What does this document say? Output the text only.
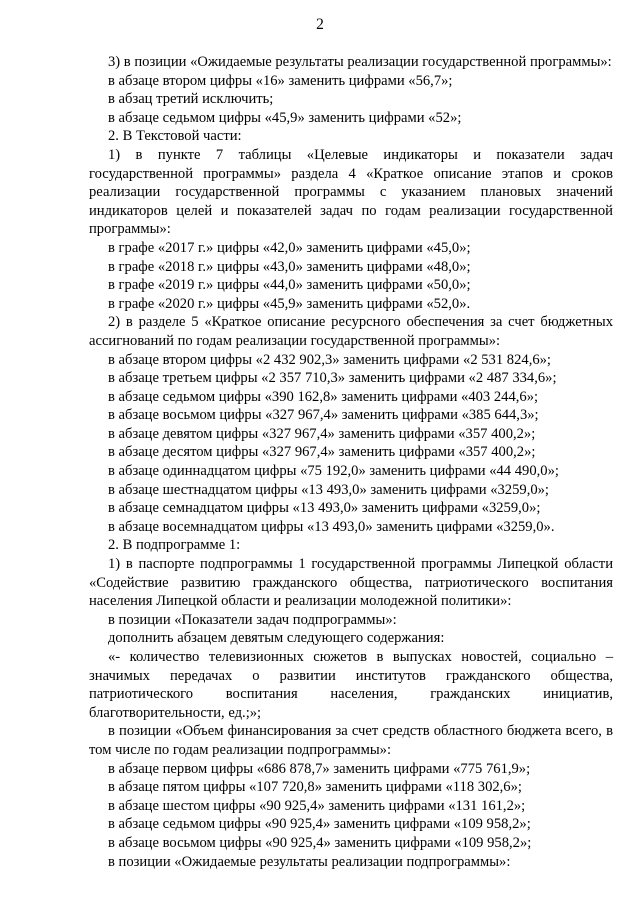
2

3) в позиции «Ожидаемые результаты реализации государственной программы»:

в абзаце втором цифры «16» заменить цифрами «56,7»;

в абзац третий исключить;

в абзаце седьмом цифры «45,9» заменить цифрами «52»;

2. В Текстовой части:

1) в пункте 7 таблицы «Целевые индикаторы и показатели задач государственной программы» раздела 4 «Краткое описание этапов и сроков реализации государственной программы с указанием плановых значений индикаторов целей и показателей задач по годам реализации государственной программы»:

в графе «2017 г.» цифры «42,0» заменить цифрами «45,0»;

в графе «2018 г.» цифры «43,0» заменить цифрами «48,0»;

в графе «2019 г.» цифры «44,0» заменить цифрами «50,0»;

в графе «2020 г.» цифры «45,9» заменить цифрами «52,0».

2) в разделе 5 «Краткое описание ресурсного обеспечения за счет бюджетных ассигнований по годам реализации государственной программы»:

в абзаце втором цифры «2 432 902,3» заменить цифрами «2 531 824,6»;

в абзаце третьем цифры «2 357 710,3» заменить цифрами «2 487 334,6»;

в абзаце седьмом цифры «390 162,8» заменить цифрами «403 244,6»;

в абзаце восьмом цифры «327 967,4» заменить цифрами «385 644,3»;

в абзаце девятом цифры «327 967,4» заменить цифрами «357 400,2»;

в абзаце десятом цифры «327 967,4» заменить цифрами «357 400,2»;

в абзаце одиннадцатом цифры «75 192,0» заменить цифрами «44 490,0»;

в абзаце шестнадцатом цифры «13 493,0» заменить цифрами «3259,0»;

в абзаце семнадцатом цифры «13 493,0» заменить цифрами «3259,0»;

в абзаце восемнадцатом цифры «13 493,0» заменить цифрами «3259,0».

2. В подпрограмме 1:

1) в паспорте подпрограммы 1 государственной программы Липецкой области «Содействие развитию гражданского общества, патриотического воспитания населения Липецкой области и реализации молодежной политики»:

в позиции «Показатели задач подпрограммы»:

дополнить абзацем девятым следующего содержания:

«- количество телевизионных сюжетов в выпусках новостей, социально – значимых передачах о развитии институтов гражданского общества, патриотического воспитания населения, гражданских инициатив, благотворительности, ед.;»;

в позиции «Объем финансирования за счет средств областного бюджета всего, в том числе по годам реализации подпрограммы»:

в абзаце первом цифры «686 878,7» заменить цифрами «775 761,9»;

в абзаце пятом цифры «107 720,8» заменить цифрами «118 302,6»;

в абзаце шестом цифры «90 925,4» заменить цифрами «131 161,2»;

в абзаце седьмом цифры «90 925,4» заменить цифрами «109 958,2»;

в абзаце восьмом цифры «90 925,4» заменить цифрами «109 958,2»;

в позиции «Ожидаемые результаты реализации подпрограммы»:
